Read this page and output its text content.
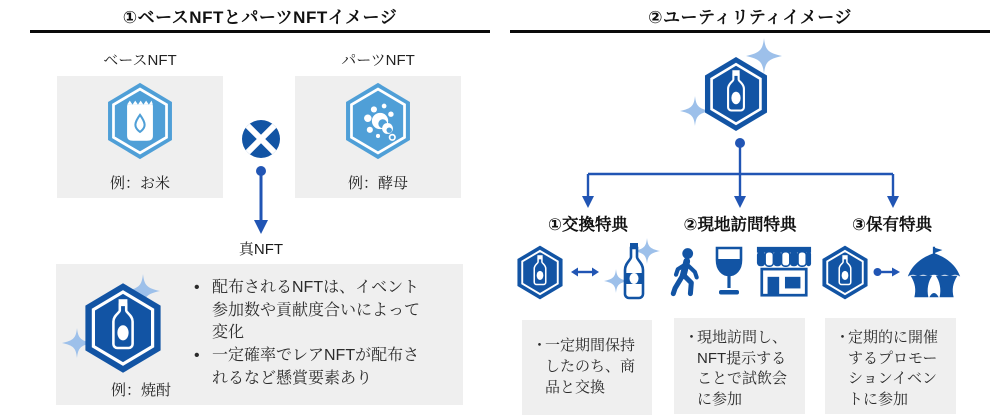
①ベースNFTとパーツNFTイメージ
ベースNFT	パーツNFT
例：お米	例：酵母
真NFT
例：焼酎
• 配布されるNFTは、イベント参加数や貢献度合いによって変化
• 一定確率でレアNFTが配布されるなど懸賞要素あり
②ユーティリティイメージ
①交換特典	②現地訪問特典	③保有特典
・
一定期間保持したのち、商品と交換
・
現地訪問し、NFT提示することで試飲会に参加
・
定期的に開催するプロモーションイベントに参加
